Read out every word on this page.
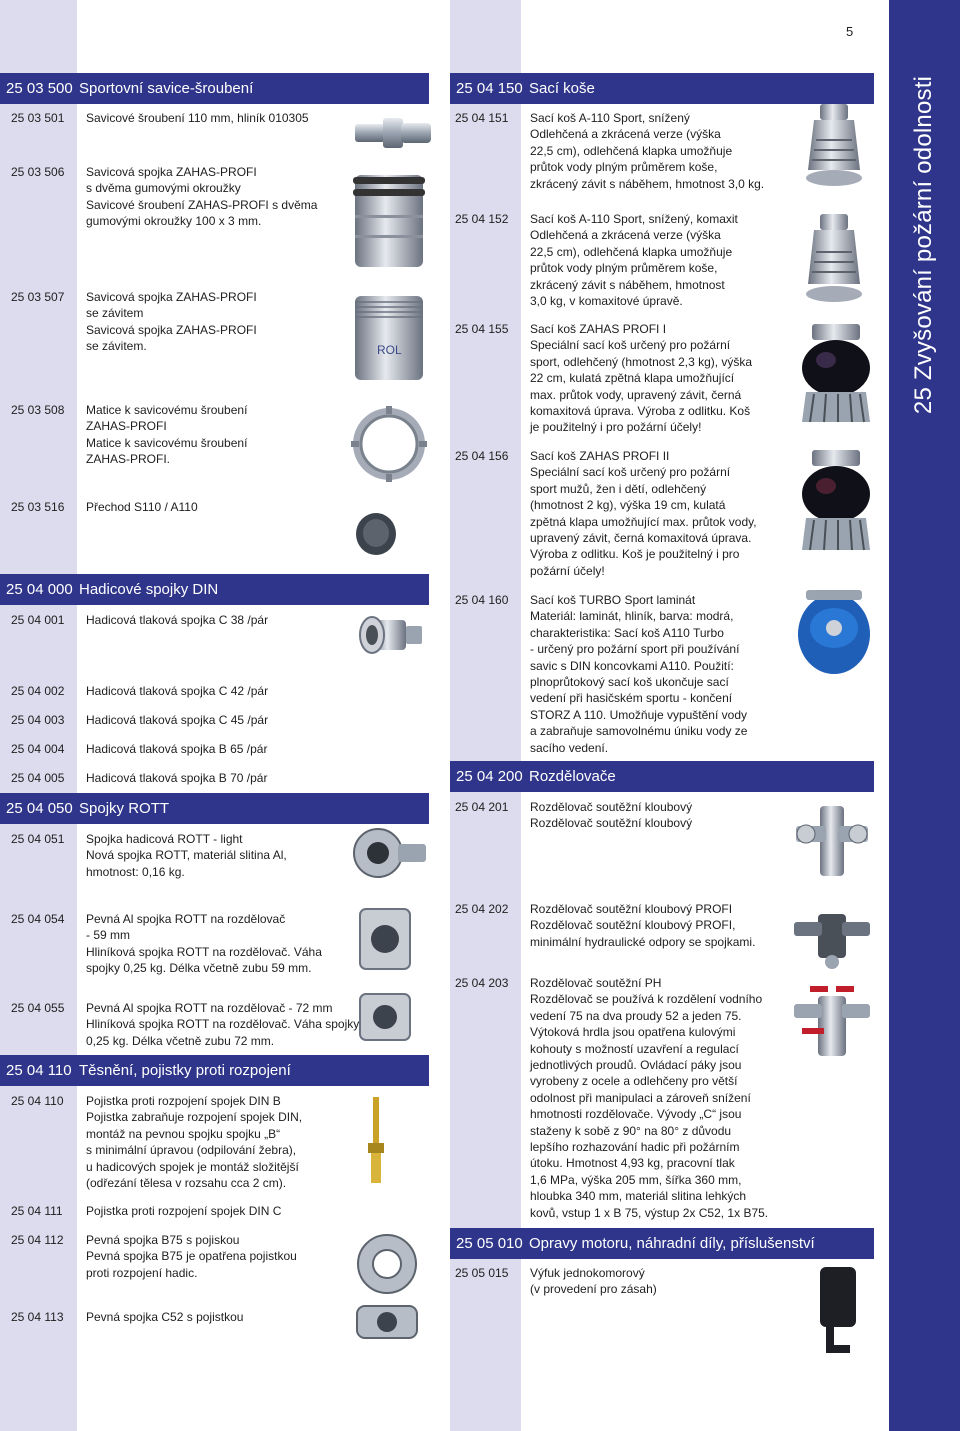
25 Zvyšování požární odolnosti
5
25 03 500 Sportovní savice-šroubení
25 03 501 Savicové šroubení 110 mm, hliník 010305
25 03 506 Savicová spojka ZAHAS-PROFI
s dvěma gumovými okroužky
Savicové šroubení ZAHAS-PROFI s dvěma
gumovými okroužky 100 x 3 mm.
25 03 507 Savicová spojka ZAHAS-PROFI
se závitem
Savicová spojka ZAHAS-PROFI
se závitem.
25 03 508 Matice k savicovému šroubení
ZAHAS-PROFI
Matice k savicovému šroubení
ZAHAS-PROFI.
25 03 516 Přechod S110 / A110
25 04 000 Hadicové spojky DIN
25 04 001 Hadicová tlaková spojka C 38 /pár
25 04 002 Hadicová tlaková spojka C 42 /pár
25 04 003 Hadicová tlaková spojka C 45 /pár
25 04 004 Hadicová tlaková spojka B 65 /pár
25 04 005 Hadicová tlaková spojka B 70 /pár
25 04 050 Spojky ROTT
25 04 051 Spojka hadicová ROTT - light
Nová spojka ROTT, materiál slitina Al,
hmotnost: 0,16 kg.
25 04 054 Pevná Al spojka ROTT na rozdělovač
- 59 mm
Hliníková spojka ROTT na rozdělovač. Váha
spojky 0,25 kg. Délka včetně zubu 59 mm.
25 04 055 Pevná Al spojka ROTT na rozdělovač - 72 mm
Hliníková spojka ROTT na rozdělovač. Váha spojky
0,25 kg. Délka včetně zubu 72 mm.
25 04 110 Těsnění, pojistky proti rozpojení
25 04 110 Pojistka proti rozpojení spojek DIN B
Pojistka zabraňuje rozpojení spojek DIN,
montáž na pevnou spojku spojku „B“
s minimální úpravou (odpilování žebra),
u hadicových spojek je montáž složitější
(odřezání tělesa v rozsahu cca 2 cm).
25 04 111 Pojistka proti rozpojení spojek DIN C
25 04 112 Pevná spojka B75 s pojiskou
Pevná spojka B75 je opatřena pojistkou
proti rozpojení hadic.
25 04 113 Pevná spojka C52 s pojistkou
25 04 150 Sací koše
25 04 151 Sací koš A-110 Sport, snížený
Odlehčená a zkrácená verze (výška
22,5 cm), odlehčená klapka umožňuje
průtok vody plným průměrem koše,
zkrácený závit s náběhem, hmotnost 3,0 kg.
25 04 152 Sací koš A-110 Sport, snížený, komaxit
Odlehčená a zkrácená verze (výška
22,5 cm), odlehčená klapka umožňuje
průtok vody plným průměrem koše,
zkrácený závit s náběhem, hmotnost
3,0 kg, v komaxitové úpravě.
25 04 155 Sací koš ZAHAS PROFI I
Speciální sací koš určený pro požární
sport, odlehčený (hmotnost 2,3 kg), výška
22 cm, kulatá zpětná klapa umožňující
max. průtok vody, upravený závit, černá
komaxitová úprava. Výroba z odlitku. Koš
je použitelný i pro požární účely!
25 04 156 Sací koš ZAHAS PROFI II
Speciální sací koš určený pro požární
sport mužů, žen i dětí, odlehčený
(hmotnost 2 kg), výška 19 cm, kulatá
zpětná klapa umožňující max. průtok vody,
upravený závit, černá komaxitová úprava.
Výroba z odlitku. Koš je použitelný i pro
požární účely!
25 04 160 Sací koš TURBO Sport laminát
Materiál: laminát, hliník, barva: modrá,
charakteristika: Sací koš A110 Turbo
- určený pro požární sport při používání
savic s DIN koncovkami A110. Použití:
plnoprůtokový sací koš ukončuje sací
vedení při hasičském sportu - končení
STORZ A 110. Umožňuje vypuštění vody
a zabraňuje samovolnému úniku vody ze
sacího vedení.
25 04 200 Rozdělovače
25 04 201 Rozdělovač soutěžní kloubový
Rozdělovač soutěžní kloubový
25 04 202 Rozdělovač soutěžní kloubový PROFI
Rozdělovač soutěžní kloubový PROFI,
minimální hydraulické odpory se spojkami.
25 04 203 Rozdělovač soutěžní PH
Rozdělovač se používá k rozdělení vodního
vedení 75 na dva proudy 52 a jeden 75.
Výtoková hrdla jsou opatřena kulovými
kohouty s možností uzavření a regulací
jednotlivých proudů. Ovládací páky jsou
vyrobeny z ocele a odlehčeny pro větší
odolnost při manipulaci a zároveň snížení
hmotnosti rozdělovače. Vývody „C“ jsou
staženy k sobě z 90° na 80° z důvodu
lepšího rozhazování hadic při požárním
útoku. Hmotnost 4,93 kg, pracovní tlak
1,6 MPa, výška 205 mm, šířka 360 mm,
hloubka 340 mm, materiál slitina lehkých
kovů, vstup 1 x B 75, výstup 2x C52, 1x B75.
25 05 010 Opravy motoru, náhradní díly, příslušenství
25 05 015 Výfuk jednokomorový
(v provedení pro zásah)
ROL
